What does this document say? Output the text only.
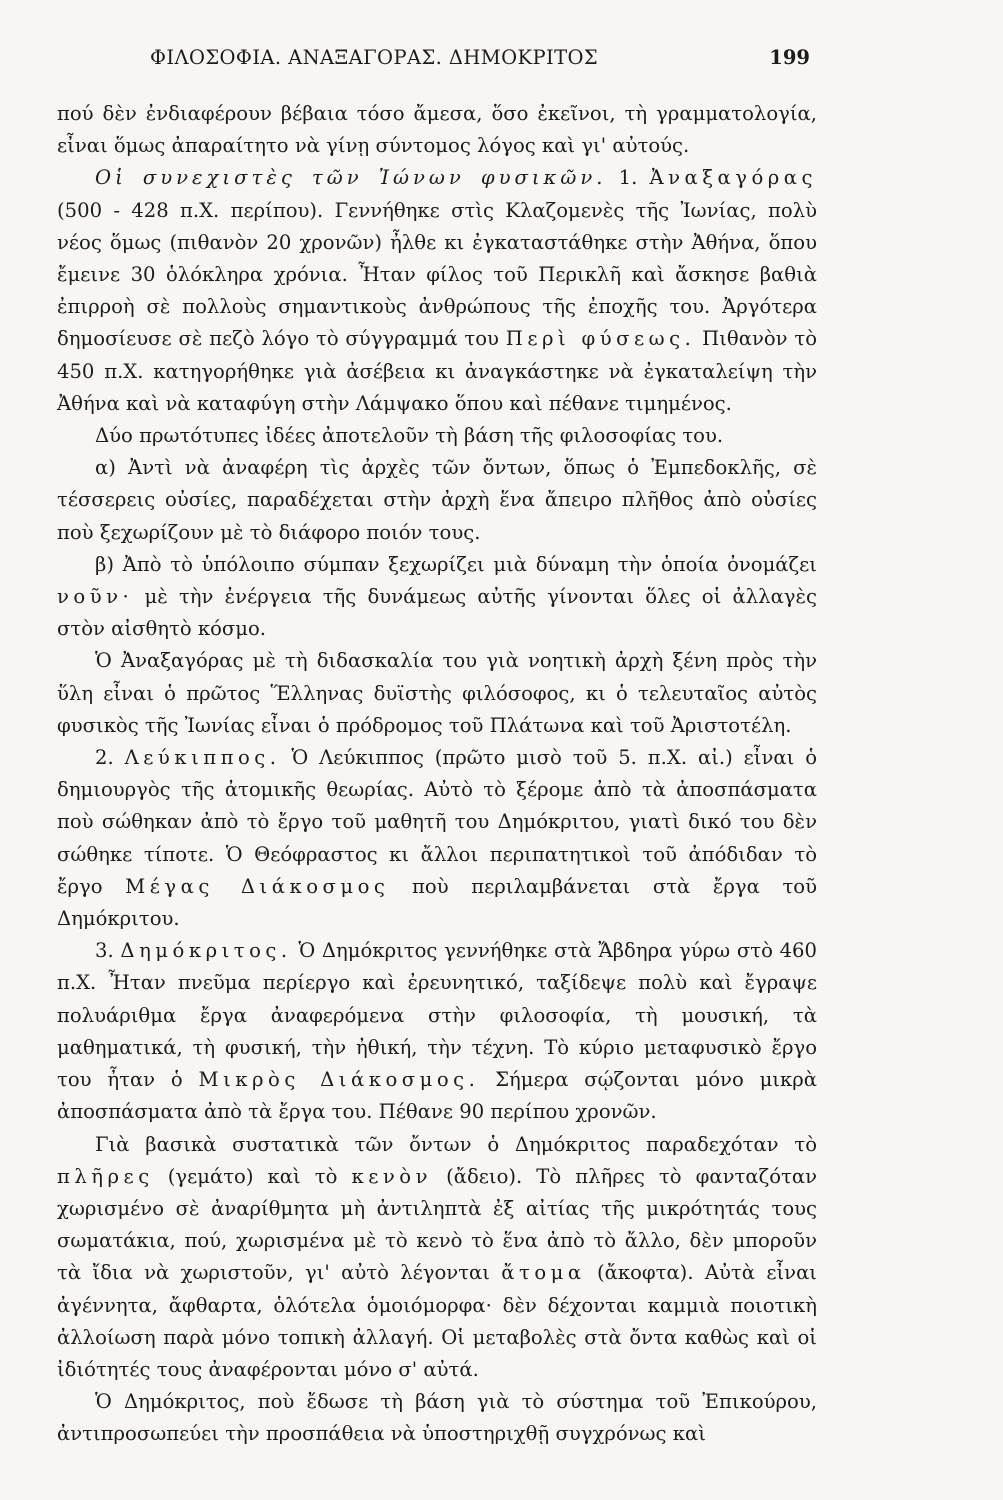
ΦΙΛΟΣΟΦΙΑ. ΑΝΑΞΑΓΟΡΑΣ. ΔΗΜΟΚΡΙΤΟΣ	199

πού δὲν ἐνδιαφέρουν βέβαια τόσο ἄμεσα, ὅσο ἐκεῖνοι, τὴ γραμματολογία, εἶναι ὅμως ἀπαραίτητο νὰ γίνῃ σύντομος λόγος καὶ γι' αὐτούς.

Οἱ συνεχιστὲς τῶν Ἰώνων φυσικῶν. 1. Ἀναξαγόρας (500 - 428 π.Χ. περίπου). Γεννήθηκε στὶς Κλαζομενὲς τῆς Ἰωνίας, πολὺ νέος ὅμως (πιθανὸν 20 χρονῶν) ἦλθε κι ἐγκαταστάθηκε στὴν Ἀθήνα, ὅπου ἔμεινε 30 ὁλόκληρα χρόνια. Ἦταν φίλος τοῦ Περικλῆ καὶ ἄσκησε βαθιὰ ἐπιρροὴ σὲ πολλοὺς σημαντικοὺς ἀνθρώπους τῆς ἐποχῆς του. Ἀργότερα δημοσίευσε σὲ πεζὸ λόγο τὸ σύγγραμμά του Περὶ φύσεως. Πιθανὸν τὸ 450 π.Χ. κατηγορήθηκε γιὰ ἀσέβεια κι ἀναγκάστηκε νὰ ἐγκαταλείψη τὴν Ἀθήνα καὶ νὰ καταφύγη στὴν Λάμψακο ὅπου καὶ πέθανε τιμημένος.

Δύο πρωτότυπες ἰδέες ἀποτελοῦν τὴ βάση τῆς φιλοσοφίας του.

α) Ἀντὶ νὰ ἀναφέρη τὶς ἀρχὲς τῶν ὄντων, ὅπως ὁ Ἐμπεδοκλῆς, σὲ τέσσερεις οὐσίες, παραδέχεται στὴν ἀρχὴ ἕνα ἄπειρο πλῆθος ἀπὸ οὐσίες ποὺ ξεχωρίζουν μὲ τὸ διάφορο ποιόν τους.

β) Ἀπὸ τὸ ὑπόλοιπο σύμπαν ξεχωρίζει μιὰ δύναμη τὴν ὁποία ὀνομάζει νοῦν· μὲ τὴν ἐνέργεια τῆς δυνάμεως αὐτῆς γίνονται ὅλες οἱ ἀλλαγὲς στὸν αἰσθητὸ κόσμο.

Ὁ Ἀναξαγόρας μὲ τὴ διδασκαλία του γιὰ νοητικὴ ἀρχὴ ξένη πρὸς τὴν ὕλη εἶναι ὁ πρῶτος Ἕλληνας δυϊστὴς φιλόσοφος, κι ὁ τελευταῖος αὐτὸς φυσικὸς τῆς Ἰωνίας εἶναι ὁ πρόδρομος τοῦ Πλάτωνα καὶ τοῦ Ἀριστοτέλη.

2. Λεύκιππος. Ὁ Λεύκιππος (πρῶτο μισὸ τοῦ 5. π.Χ. αἰ.) εἶναι ὁ δημιουργὸς τῆς ἀτομικῆς θεωρίας. Αὐτὸ τὸ ξέρομε ἀπὸ τὰ ἀποσπάσματα ποὺ σώθηκαν ἀπὸ τὸ ἔργο τοῦ μαθητῆ του Δημόκριτου, γιατὶ δικό του δὲν σώθηκε τίποτε. Ὁ Θεόφραστος κι ἄλλοι περιπατητικοὶ τοῦ ἀπόδιδαν τὸ ἔργο Μέγας Διάκοσμος ποὺ περιλαμβάνεται στὰ ἔργα τοῦ Δημόκριτου.

3. Δημόκριτος. Ὁ Δημόκριτος γεννήθηκε στὰ Ἄβδηρα γύρω στὸ 460 π.Χ. Ἦταν πνεῦμα περίεργο καὶ ἐρευνητικό, ταξίδεψε πολὺ καὶ ἔγραψε πολυάριθμα ἔργα ἀναφερόμενα στὴν φιλοσοφία, τὴ μουσική, τὰ μαθηματικά, τὴ φυσική, τὴν ἠθική, τὴν τέχνη. Τὸ κύριο μεταφυσικὸ ἔργο του ἦταν ὁ Μικρὸς Διάκοσμος. Σήμερα σῴζονται μόνο μικρὰ ἀποσπάσματα ἀπὸ τὰ ἔργα του. Πέθανε 90 περίπου χρονῶν.

Γιὰ βασικὰ συστατικὰ τῶν ὄντων ὁ Δημόκριτος παραδεχόταν τὸ πλῆρες (γεμάτο) καὶ τὸ κενὸν (ἄδειο). Τὸ πλῆρες τὸ φανταζόταν χωρισμένο σὲ ἀναρίθμητα μὴ ἀντιληπτὰ ἐξ αἰτίας τῆς μικρότητάς τους σωματάκια, πού, χωρισμένα μὲ τὸ κενὸ τὸ ἕνα ἀπὸ τὸ ἄλλο, δὲν μποροῦν τὰ ἴδια νὰ χωριστοῦν, γι' αὐτὸ λέγονται ἄτομα (ἄκοφτα). Αὐτὰ εἶναι ἀγέννητα, ἄφθαρτα, ὁλότελα ὁμοιόμορφα· δὲν δέχονται καμμιὰ ποιοτικὴ ἀλλοίωση παρὰ μόνο τοπικὴ ἀλλαγή. Οἱ μεταβολὲς στὰ ὄντα καθὼς καὶ οἱ ἰδιότητές τους ἀναφέρονται μόνο σ' αὐτά.

Ὁ Δημόκριτος, ποὺ ἔδωσε τὴ βάση γιὰ τὸ σύστημα τοῦ Ἐπικούρου, ἀντιπροσωπεύει τὴν προσπάθεια νὰ ὑποστηριχθῇ συγχρόνως καὶ
